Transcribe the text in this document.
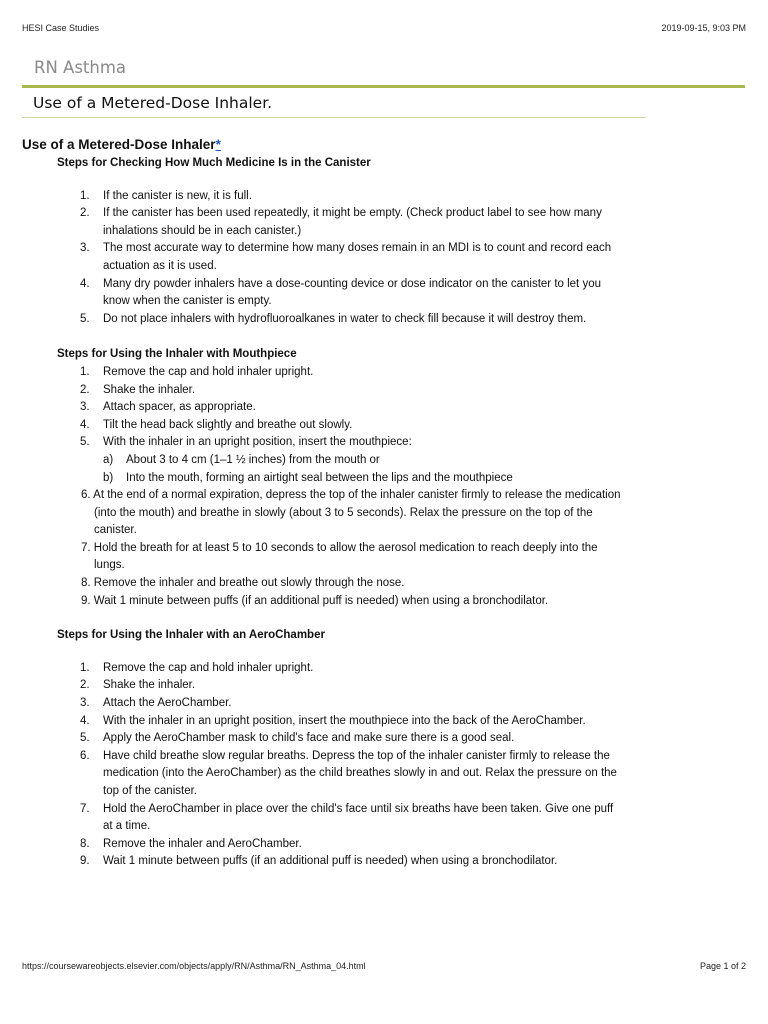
HESI Case Studies	2019-09-15, 9:03 PM
RN Asthma
Use of a Metered-Dose Inhaler.

Use of a Metered-Dose Inhaler*

Steps for Checking How Much Medicine Is in the Canister

1. If the canister is new, it is full.
2. If the canister has been used repeatedly, it might be empty. (Check product label to see how many inhalations should be in each canister.)
3. The most accurate way to determine how many doses remain in an MDI is to count and record each actuation as it is used.
4. Many dry powder inhalers have a dose-counting device or dose indicator on the canister to let you know when the canister is empty.
5. Do not place inhalers with hydrofluoroalkanes in water to check fill because it will destroy them.

Steps for Using the Inhaler with Mouthpiece

1. Remove the cap and hold inhaler upright.
2. Shake the inhaler.
3. Attach spacer, as appropriate.
4. Tilt the head back slightly and breathe out slowly.
5. With the inhaler in an upright position, insert the mouthpiece:
a) About 3 to 4 cm (1–1 ½ inches) from the mouth or
b) Into the mouth, forming an airtight seal between the lips and the mouthpiece
6. At the end of a normal expiration, depress the top of the inhaler canister firmly to release the medication (into the mouth) and breathe in slowly (about 3 to 5 seconds). Relax the pressure on the top of the canister.
7. Hold the breath for at least 5 to 10 seconds to allow the aerosol medication to reach deeply into the lungs.
8. Remove the inhaler and breathe out slowly through the nose.
9. Wait 1 minute between puffs (if an additional puff is needed) when using a bronchodilator.

Steps for Using the Inhaler with an AeroChamber

1. Remove the cap and hold inhaler upright.
2. Shake the inhaler.
3. Attach the AeroChamber.
4. With the inhaler in an upright position, insert the mouthpiece into the back of the AeroChamber.
5. Apply the AeroChamber mask to child's face and make sure there is a good seal.
6. Have child breathe slow regular breaths. Depress the top of the inhaler canister firmly to release the medication (into the AeroChamber) as the child breathes slowly in and out. Relax the pressure on the top of the canister.
7. Hold the AeroChamber in place over the child's face until six breaths have been taken. Give one puff at a time.
8. Remove the inhaler and AeroChamber.
9. Wait 1 minute between puffs (if an additional puff is needed) when using a bronchodilator.
https://coursewareobjects.elsevier.com/objects/apply/RN/Asthma/RN_Asthma_04.html	Page 1 of 2
